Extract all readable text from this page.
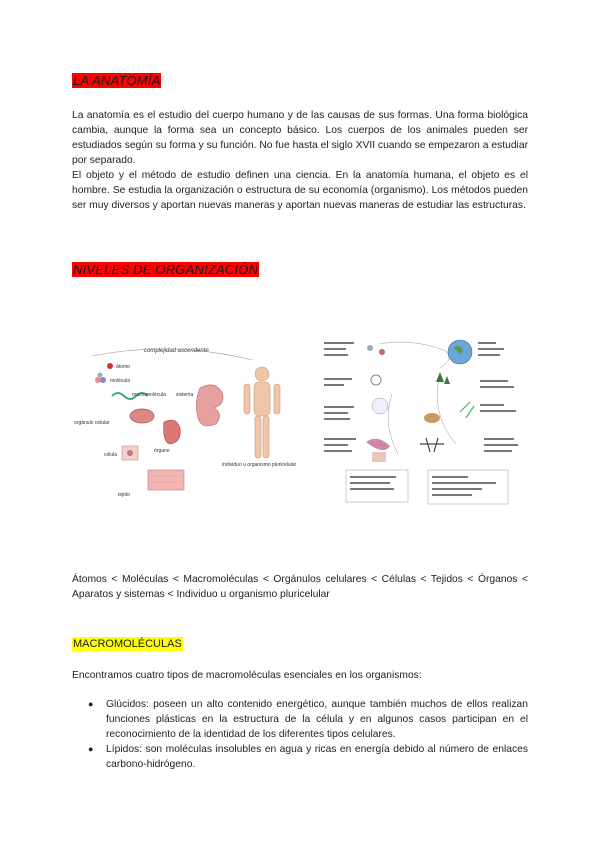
LA ANATOMÍA

La anatomía es el estudio del cuerpo humano y de las causas de sus formas. Una forma biológica cambia, aunque la forma sea un concepto básico. Los cuerpos de los animales pueden ser estudiados según su forma y su función. No fue hasta el siglo XVII cuando se empezaron a estudiar por separado.

El objeto y el método de estudio definen una ciencia. En la anatomía humana, el objeto es el hombre. Se estudia la organización o estructura de su economía (organismo). Los métodos pueden ser muy diversos y aportan nuevas maneras y aportan nuevas maneras de estudiar las estructuras.

NIVELES DE ORGANIZACIÓN
complejidad ascendente
átomo
molécula
macromolécula
orgánulo celular
célula
tejido
órgano
sistema
individuo u organismo pluricelular

Átomos < Moléculas < Macromoléculas < Orgánulos celulares < Células < Tejidos < Órganos < Aparatos y sistemas < Individuo u organismo pluricelular

MACROMOLÉCULAS

Encontramos cuatro tipos de macromoléculas esenciales en los organismos:

● Glúcidos: poseen un alto contenido energético, aunque también muchos de ellos realizan funciones plásticas en la estructura de la célula y en algunos casos participan en el reconocimiento de la identidad de los diferentes tipos celulares.
● Lípidos: son moléculas insolubles en agua y ricas en energía debido al número de enlaces carbono-hidrógeno.
